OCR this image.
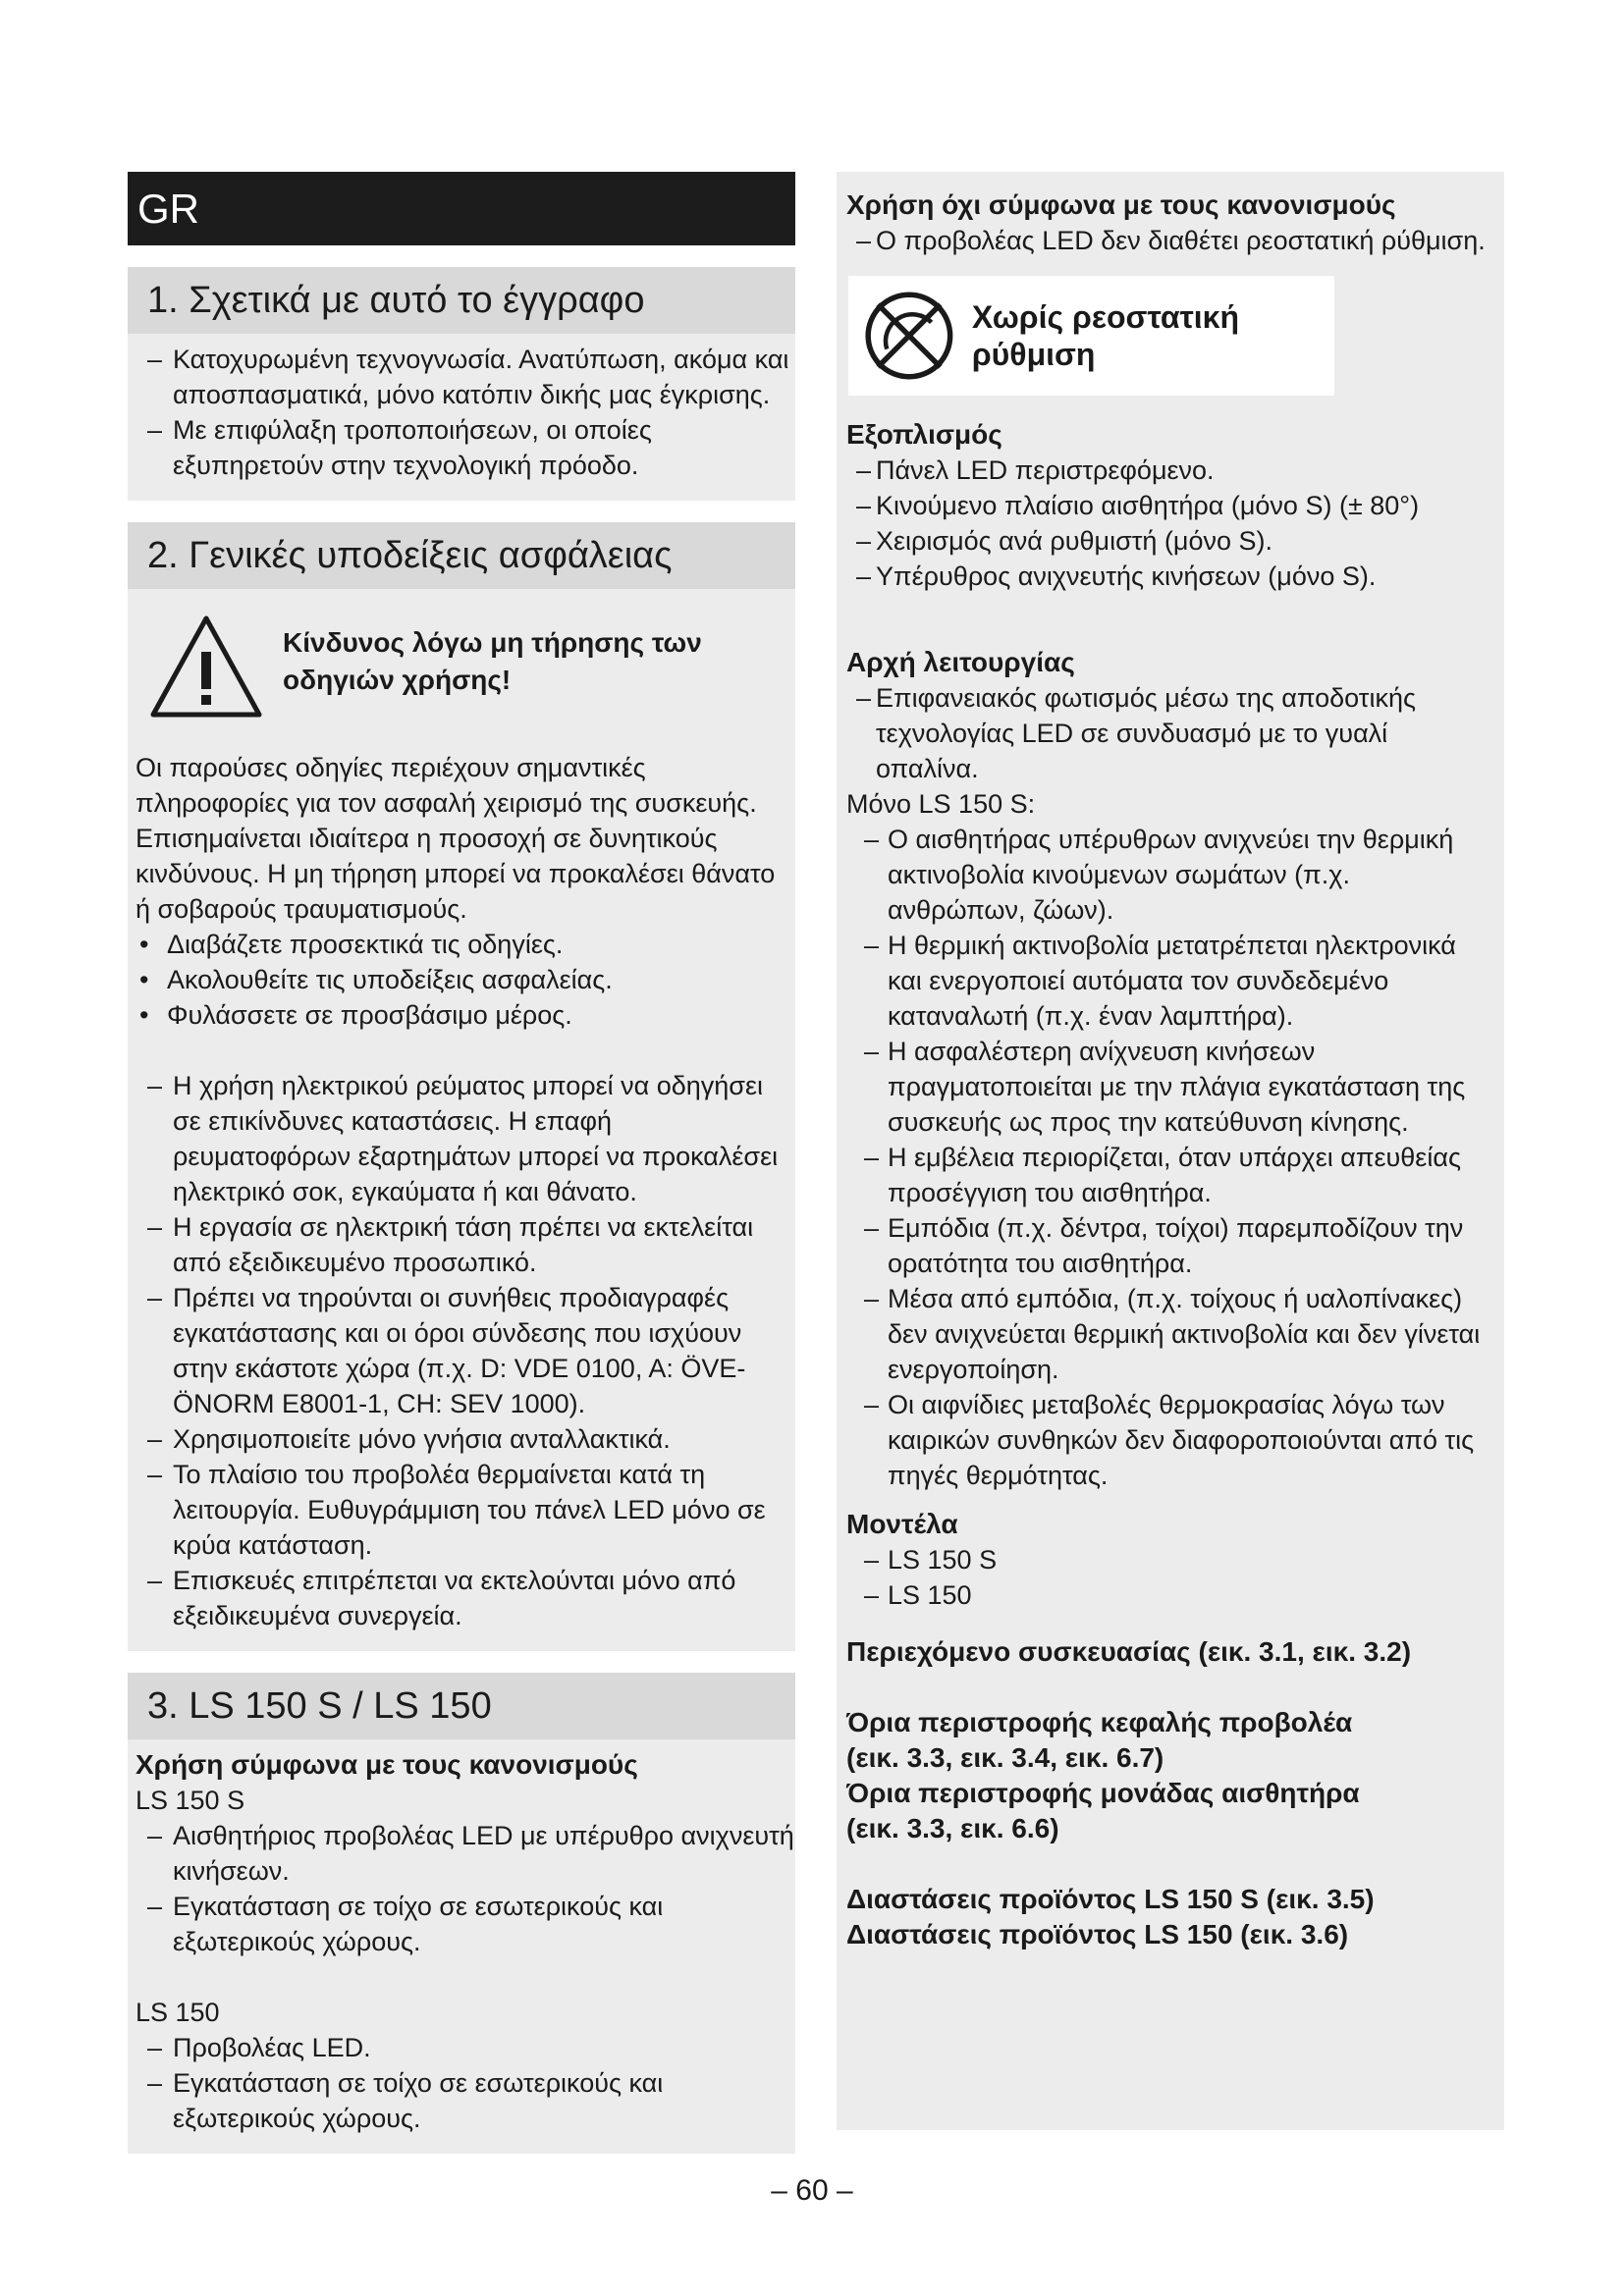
GR
1. Σχετικά με αυτό το έγγραφο
– Κατοχυρωμένη τεχνογνωσία. Ανατύπωση, ακόμα και αποσπασματικά, μόνο κατόπιν δικής μας έγκρισης.
– Με επιφύλαξη τροποποιήσεων, οι οποίες εξυπηρετούν στην τεχνολογική πρόοδο.
2. Γενικές υποδείξεις ασφάλειας
Κίνδυνος λόγω μη τήρησης των οδηγιών χρήσης!
Οι παρούσες οδηγίες περιέχουν σημαντικές πληροφορίες για τον ασφαλή χειρισμό της συσκευής. Επισημαίνεται ιδιαίτερα η προσοχή σε δυνητικούς κινδύνους. Η μη τήρηση μπορεί να προκαλέσει θάνατο ή σοβαρούς τραυματισμούς.
• Διαβάζετε προσεκτικά τις οδηγίες.
• Ακολουθείτε τις υποδείξεις ασφαλείας.
• Φυλάσσετε σε προσβάσιμο μέρος.
– Η χρήση ηλεκτρικού ρεύματος μπορεί να οδηγήσει σε επικίνδυνες καταστάσεις. Η επαφή ρευματοφόρων εξαρτημάτων μπορεί να προκαλέσει ηλεκτρικό σοκ, εγκαύματα ή και θάνατο.
– Η εργασία σε ηλεκτρική τάση πρέπει να εκτελείται από εξειδικευμένο προσωπικό.
– Πρέπει να τηρούνται οι συνήθεις προδιαγραφές εγκατάστασης και οι όροι σύνδεσης που ισχύουν στην εκάστοτε χώρα (π.χ. D: VDE 0100, A: ÖVE-ÖNORM E8001-1, CH: SEV 1000).
– Χρησιμοποιείτε μόνο γνήσια ανταλλακτικά.
– Το πλαίσιο του προβολέα θερμαίνεται κατά τη λειτουργία. Ευθυγράμμιση του πάνελ LED μόνο σε κρύα κατάσταση.
– Επισκευές επιτρέπεται να εκτελούνται μόνο από εξειδικευμένα συνεργεία.
3. LS 150 S / LS 150
Χρήση σύμφωνα με τους κανονισμούς
LS 150 S
– Αισθητήριος προβολέας LED με υπέρυθρο ανιχνευτή κινήσεων.
– Εγκατάσταση σε τοίχο σε εσωτερικούς και εξωτερικούς χώρους.
LS 150
– Προβολέας LED.
– Εγκατάσταση σε τοίχο σε εσωτερικούς και εξωτερικούς χώρους.
Χρήση όχι σύμφωνα με τους κανονισμούς
– Ο προβολέας LED δεν διαθέτει ρεοστατική ρύθμιση.
Χωρίς ρεοστατική ρύθμιση
Εξοπλισμός
– Πάνελ LED περιστρεφόμενο.
– Κινούμενο πλαίσιο αισθητήρα (μόνο S) (± 80°)
– Χειρισμός ανά ρυθμιστή (μόνο S).
– Υπέρυθρος ανιχνευτής κινήσεων (μόνο S).
Αρχή λειτουργίας
– Επιφανειακός φωτισμός μέσω της αποδοτικής τεχνολογίας LED σε συνδυασμό με το γυαλί οπαλίνα.
Μόνο LS 150 S:
– Ο αισθητήρας υπέρυθρων ανιχνεύει την θερμική ακτινοβολία κινούμενων σωμάτων (π.χ. ανθρώπων, ζώων).
– Η θερμική ακτινοβολία μετατρέπεται ηλεκτρονικά και ενεργοποιεί αυτόματα τον συνδεδεμένο καταναλωτή (π.χ. έναν λαμπτήρα).
– Η ασφαλέστερη ανίχνευση κινήσεων πραγματοποιείται με την πλάγια εγκατάσταση της συσκευής ως προς την κατεύθυνση κίνησης.
– Η εμβέλεια περιορίζεται, όταν υπάρχει απευθείας προσέγγιση του αισθητήρα.
– Εμπόδια (π.χ. δέντρα, τοίχοι) παρεμποδίζουν την ορατότητα του αισθητήρα.
– Μέσα από εμπόδια, (π.χ. τοίχους ή υαλοπίνακες) δεν ανιχνεύεται θερμική ακτινοβολία και δεν γίνεται ενεργοποίηση.
– Οι αιφνίδιες μεταβολές θερμοκρασίας λόγω των καιρικών συνθηκών δεν διαφοροποιούνται από τις πηγές θερμότητας.
Μοντέλα
– LS 150 S
– LS 150
Περιεχόμενο συσκευασίας (εικ. 3.1, εικ. 3.2)
Όρια περιστροφής κεφαλής προβολέα
(εικ. 3.3, εικ. 3.4, εικ. 6.7)
Όρια περιστροφής μονάδας αισθητήρα
(εικ. 3.3, εικ. 6.6)
Διαστάσεις προϊόντος LS 150 S (εικ. 3.5)
Διαστάσεις προϊόντος LS 150 (εικ. 3.6)
– 60 –
